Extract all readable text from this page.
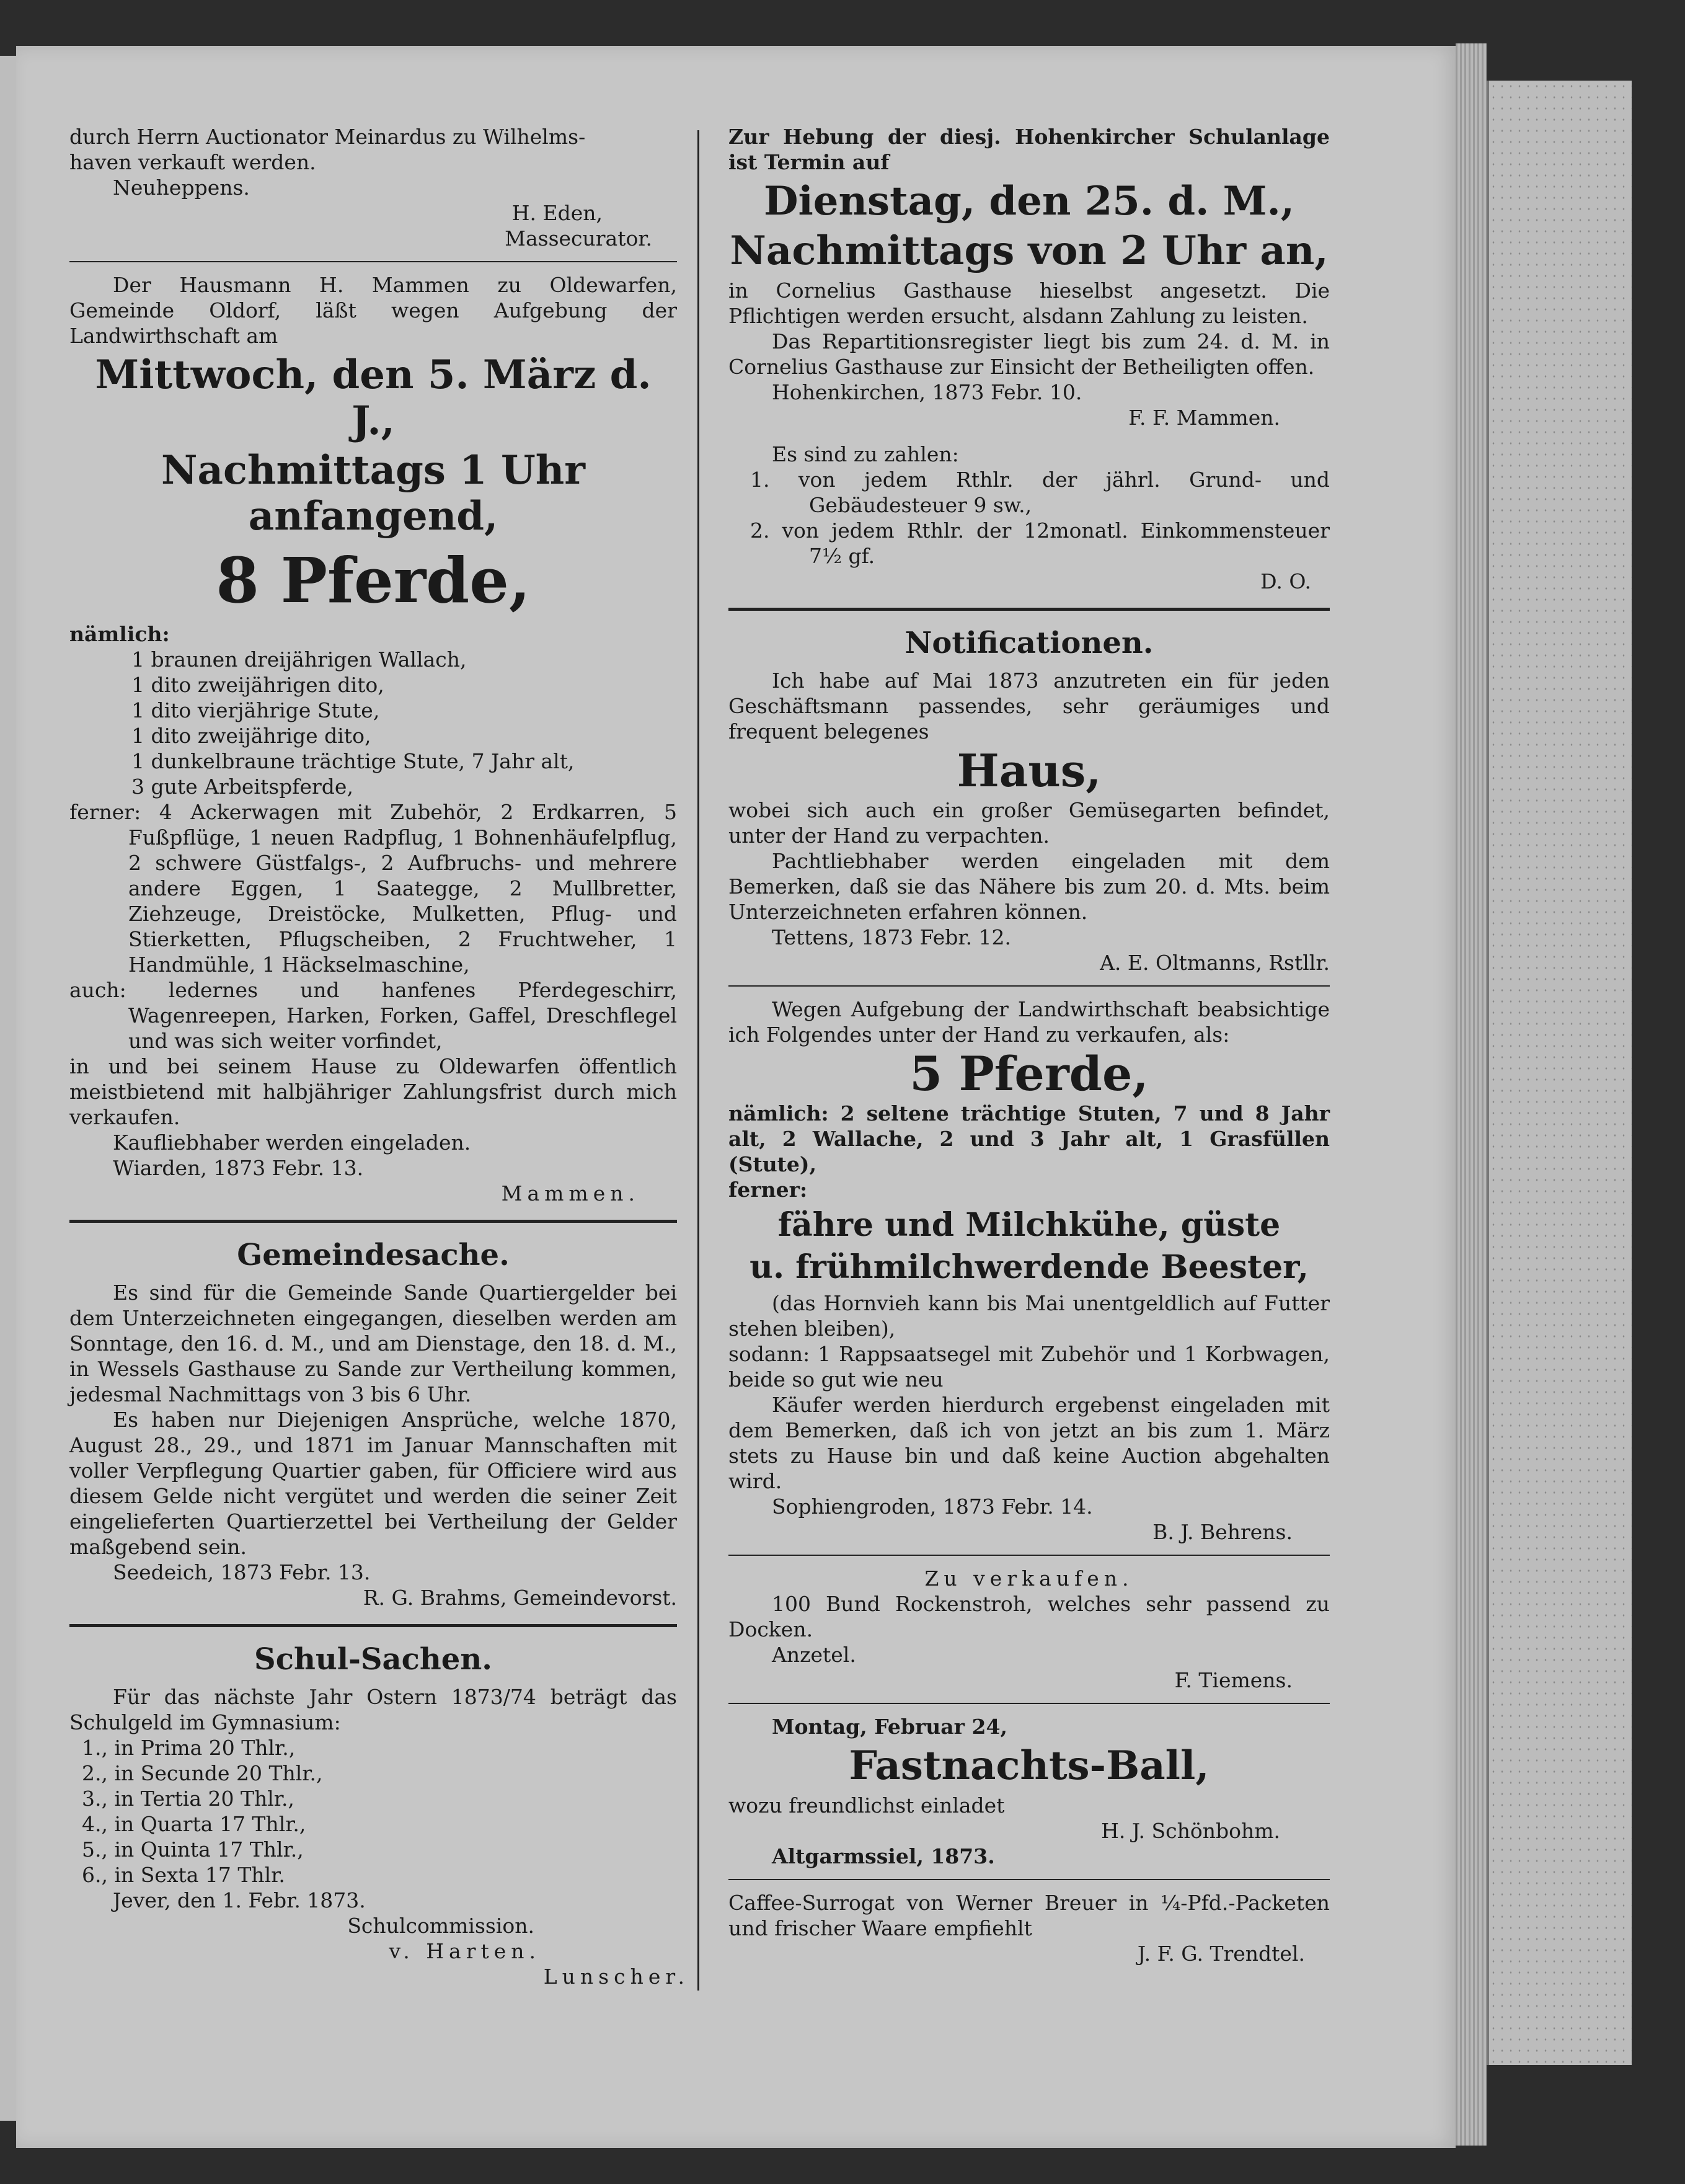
durch Herrn Auctionator Meinardus zu Wilhelms-

haven verkauft werden.

Neuheppens.

H. Eden,

Massecurator.

Der Hausmann H. Mammen zu Oldewarfen, Gemeinde Oldorf, läßt wegen Aufgebung der Landwirthschaft am

Mittwoch, den 5. März d. J.,

Nachmittags 1 Uhr anfangend,

8 Pferde,

nämlich:

1 braunen dreijährigen Wallach,

1 dito zweijährigen dito,

1 dito vierjährige Stute,

1 dito zweijährige dito,

1 dunkelbraune trächtige Stute, 7 Jahr alt,

3 gute Arbeitspferde,

ferner: 4 Ackerwagen mit Zubehör, 2 Erdkarren, 5 Fußpflüge, 1 neuen Radpflug, 1 Bohnenhäufelpflug, 2 schwere Güstfalgs-, 2 Aufbruchs- und mehrere andere Eggen, 1 Saategge, 2 Mullbretter, Ziehzeuge, Dreistöcke, Mulketten, Pflug- und Stierketten, Pflugscheiben, 2 Fruchtweher, 1 Handmühle, 1 Häckselmaschine,

auch: ledernes und hanfenes Pferdegeschirr, Wagenreepen, Harken, Forken, Gaffel, Dreschflegel und was sich weiter vorfindet,

in und bei seinem Hause zu Oldewarfen öffentlich meistbietend mit halbjähriger Zahlungsfrist durch mich verkaufen.

Kaufliebhaber werden eingeladen.

Wiarden, 1873 Febr. 13.

Mammen.

Gemeindesache.

Es sind für die Gemeinde Sande Quartiergelder bei dem Unterzeichneten eingegangen, dieselben werden am Sonntage, den 16. d. M., und am Dienstage, den 18. d. M., in Wessels Gasthause zu Sande zur Vertheilung kommen, jedesmal Nachmittags von 3 bis 6 Uhr.

Es haben nur Diejenigen Ansprüche, welche 1870, August 28., 29., und 1871 im Januar Mannschaften mit voller Verpflegung Quartier gaben, für Officiere wird aus diesem Gelde nicht vergütet und werden die seiner Zeit eingelieferten Quartierzettel bei Vertheilung der Gelder maßgebend sein.

Seedeich, 1873 Febr. 13.

R. G. Brahms, Gemeindevorst.

Schul-Sachen.

Für das nächste Jahr Ostern 1873/74 beträgt das Schulgeld im Gymnasium:

1., in Prima 20 Thlr.,

2., in Secunde 20 Thlr.,

3., in Tertia 20 Thlr.,

4., in Quarta 17 Thlr.,

5., in Quinta 17 Thlr.,

6., in Sexta 17 Thlr.

Jever, den 1. Febr. 1873.

Schulcommission.

v. Harten.

Lunscher.

Zur Hebung der diesj. Hohenkircher Schulanlage ist Termin auf

Dienstag, den 25. d. M.,

Nachmittags von 2 Uhr an,

in Cornelius Gasthause hieselbst angesetzt. Die Pflichtigen werden ersucht, alsdann Zahlung zu leisten.

Das Repartitionsregister liegt bis zum 24. d. M. in Cornelius Gasthause zur Einsicht der Betheiligten offen.

Hohenkirchen, 1873 Febr. 10.

F. F. Mammen.

Es sind zu zahlen:

1. von jedem Rthlr. der jährl. Grund- und Gebäudesteuer 9 sw.,

2. von jedem Rthlr. der 12monatl. Einkommensteuer 7½ gf.

D. O.

Notificationen.

Ich habe auf Mai 1873 anzutreten ein für jeden Geschäftsmann passendes, sehr geräumiges und frequent belegenes

Haus,

wobei sich auch ein großer Gemüsegarten befindet, unter der Hand zu verpachten.

Pachtliebhaber werden eingeladen mit dem Bemerken, daß sie das Nähere bis zum 20. d. Mts. beim Unterzeichneten erfahren können.

Tettens, 1873 Febr. 12.

A. E. Oltmanns, Rstllr.

Wegen Aufgebung der Landwirthschaft beabsichtige ich Folgendes unter der Hand zu verkaufen, als:

5 Pferde,

nämlich: 2 seltene trächtige Stuten, 7 und 8 Jahr alt, 2 Wallache, 2 und 3 Jahr alt, 1 Grasfüllen (Stute),

ferner:

fähre und Milchkühe, güste

u. frühmilchwerdende Beester,

(das Hornvieh kann bis Mai unentgeldlich auf Futter stehen bleiben),

sodann: 1 Rappsaatsegel mit Zubehör und 1 Korbwagen, beide so gut wie neu

Käufer werden hierdurch ergebenst eingeladen mit dem Bemerken, daß ich von jetzt an bis zum 1. März stets zu Hause bin und daß keine Auction abgehalten wird.

Sophiengroden, 1873 Febr. 14.

B. J. Behrens.

Zu verkaufen.

100 Bund Rockenstroh, welches sehr passend zu Docken.

Anzetel.

F. Tiemens.

Montag, Februar 24,

Fastnachts-Ball,

wozu freundlichst einladet

H. J. Schönbohm.

Altgarmssiel, 1873.

Caffee-Surrogat von Werner Breuer in ¼-Pfd.-Packeten und frischer Waare empfiehlt

J. F. G. Trendtel.
